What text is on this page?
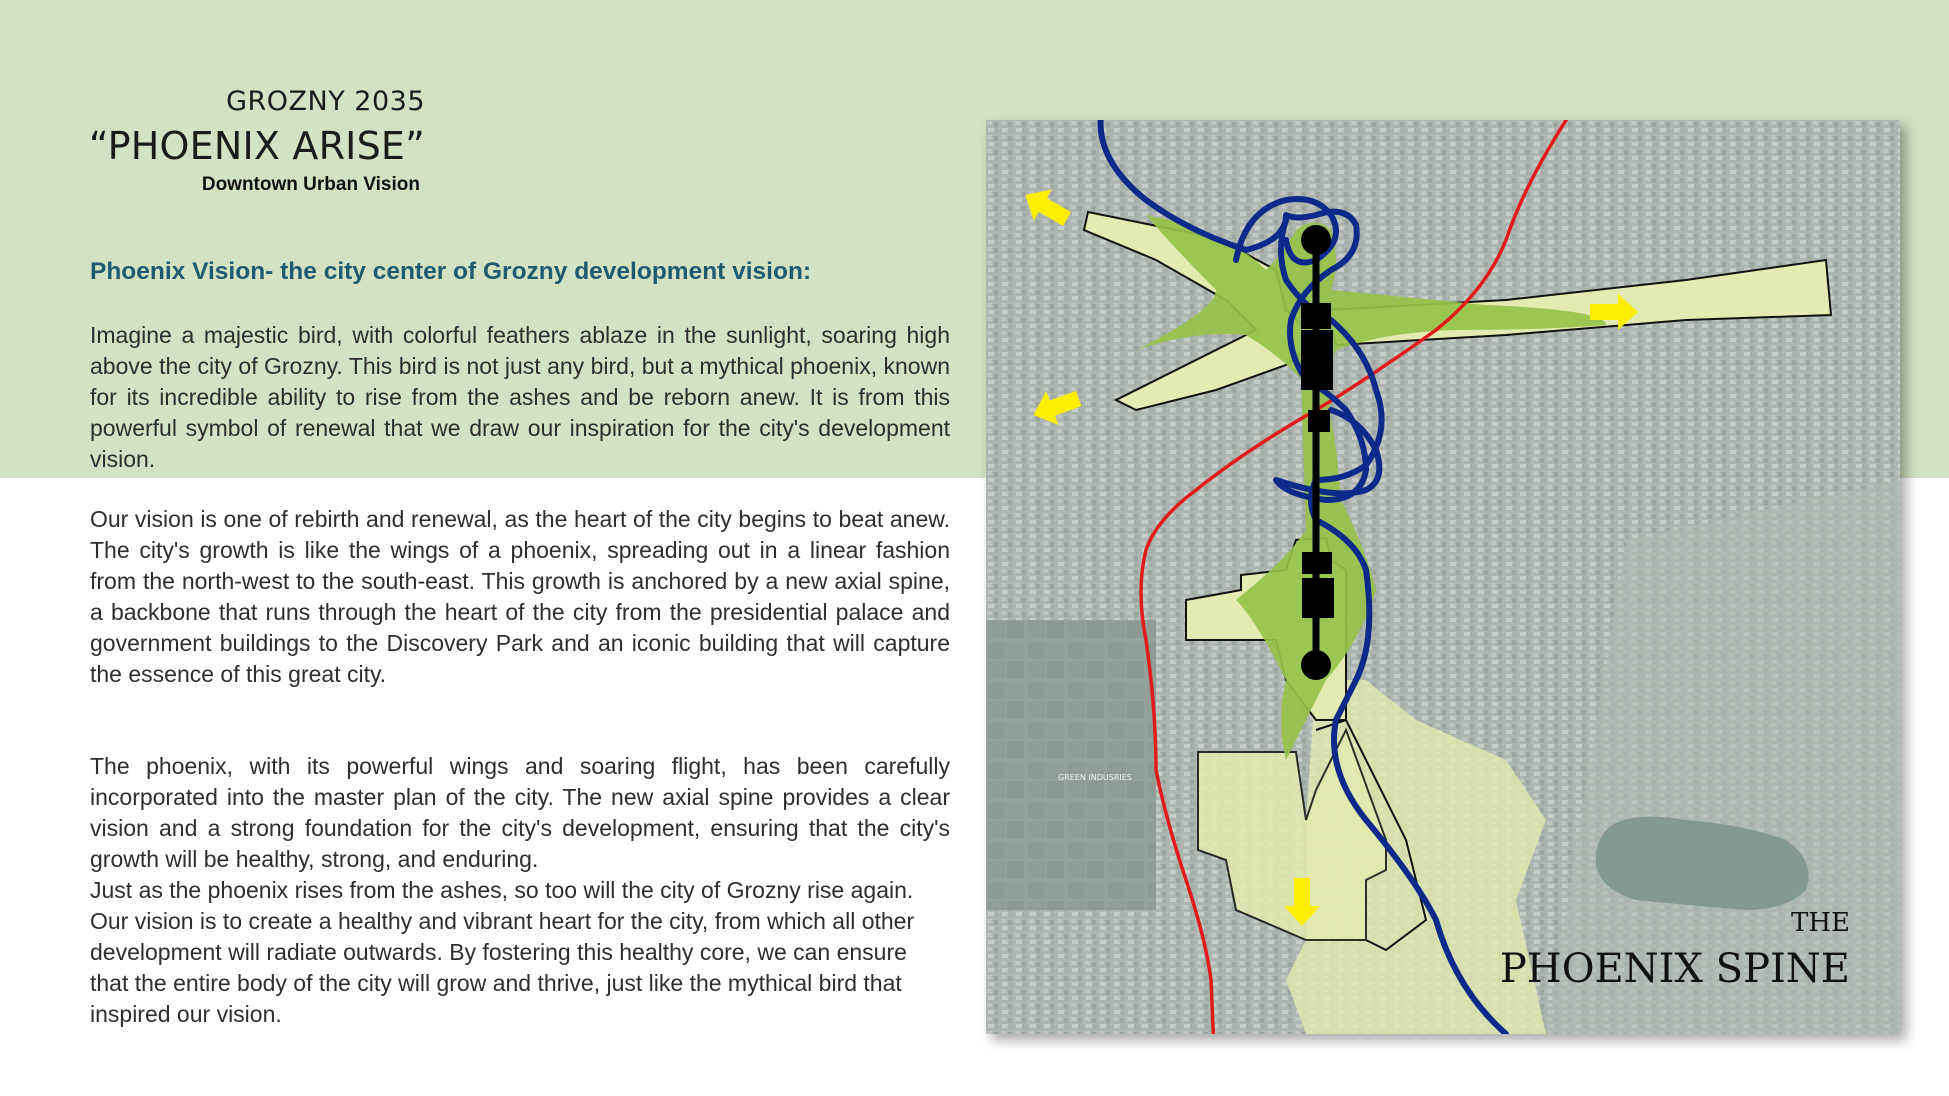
GROZNY 2035
“PHOENIX ARISE”
Downtown Urban Vision
Phoenix Vision- the city center of Grozny development vision:

Imagine a majestic bird, with colorful feathers ablaze in the sunlight, soaring high above the city of Grozny. This bird is not just any bird, but a mythical phoenix, known for its incredible ability to rise from the ashes and be reborn anew. It is from this powerful symbol of renewal that we draw our inspiration for the city's development vision.

Our vision is one of rebirth and renewal, as the heart of the city begins to beat anew. The city's growth is like the wings of a phoenix, spreading out in a linear fashion from the north-west to the south-east. This growth is anchored by a new axial spine, a backbone that runs through the heart of the city from the presidential palace and government buildings to the Discovery Park and an iconic building that will capture the essence of this great city.

The phoenix, with its powerful wings and soaring flight, has been carefully incorporated into the master plan of the city. The new axial spine provides a clear vision and a strong foundation for the city's development, ensuring that the city's growth will be healthy, strong, and enduring.

Just as the phoenix rises from the ashes, so too will the city of Grozny rise again. Our vision is to create a healthy and vibrant heart for the city, from which all other development will radiate outwards. By fostering this healthy core, we can ensure that the entire body of the city will grow and thrive, just like the mythical bird that inspired our vision.

GREEN INDUSRIES
THE
PHOENIX SPINE
